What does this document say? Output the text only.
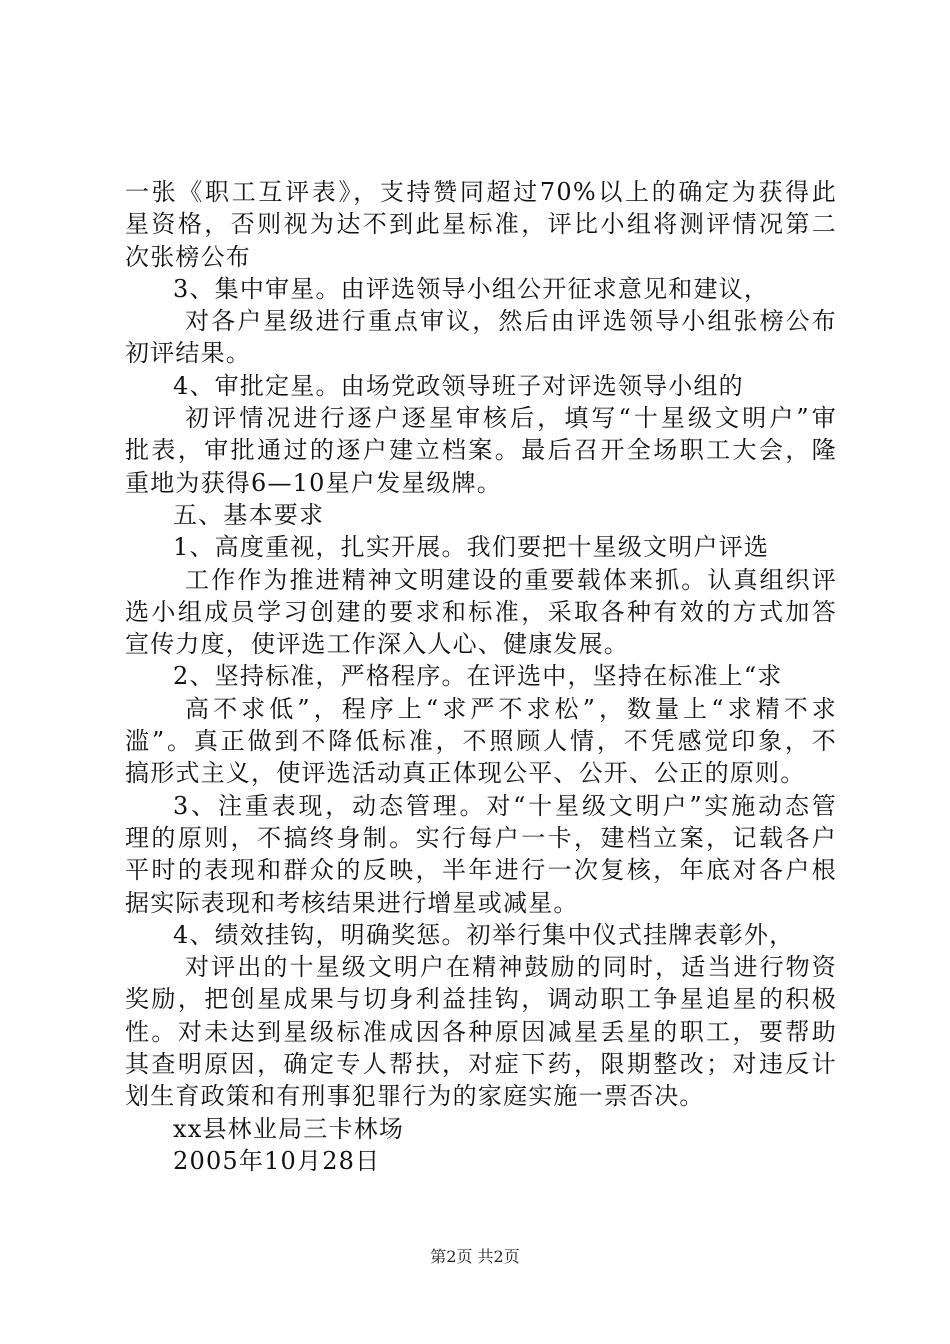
一张《职工互评表》，支持赞同超过70%以上的确定为获得此
星资格，否则视为达不到此星标准，评比小组将测评情况第二
次张榜公布
3、集中审星。由评选领导小组公开征求意见和建议，
对各户星级进行重点审议，然后由评选领导小组张榜公布
初评结果。
4、审批定星。由场党政领导班子对评选领导小组的
初评情况进行逐户逐星审核后，填写“十星级文明户”审
批表，审批通过的逐户建立档案。最后召开全场职工大会，隆
重地为获得6—10星户发星级牌。
五、基本要求
1、高度重视，扎实开展。我们要把十星级文明户评选
工作作为推进精神文明建设的重要载体来抓。认真组织评
选小组成员学习创建的要求和标准，采取各种有效的方式加答
宣传力度，使评选工作深入人心、健康发展。
2、坚持标准，严格程序。在评选中，坚持在标准上“求
高不求低”，程序上“求严不求松”，数量上“求精不求
滥”。真正做到不降低标准，不照顾人情，不凭感觉印象，不
搞形式主义，使评选活动真正体现公平、公开、公正的原则。
3、注重表现，动态管理。对“十星级文明户”实施动态管
理的原则，不搞终身制。实行每户一卡，建档立案，记载各户
平时的表现和群众的反映，半年进行一次复核，年底对各户根
据实际表现和考核结果进行增星或减星。
4、绩效挂钩，明确奖惩。初举行集中仪式挂牌表彰外，
对评出的十星级文明户在精神鼓励的同时，适当进行物资
奖励，把创星成果与切身利益挂钩，调动职工争星追星的积极
性。对未达到星级标准成因各种原因减星丢星的职工，要帮助
其查明原因，确定专人帮扶，对症下药，限期整改；对违反计
划生育政策和有刑事犯罪行为的家庭实施一票否决。
xx县林业局三卡林场
2005年10月28日
第2页 共2页
